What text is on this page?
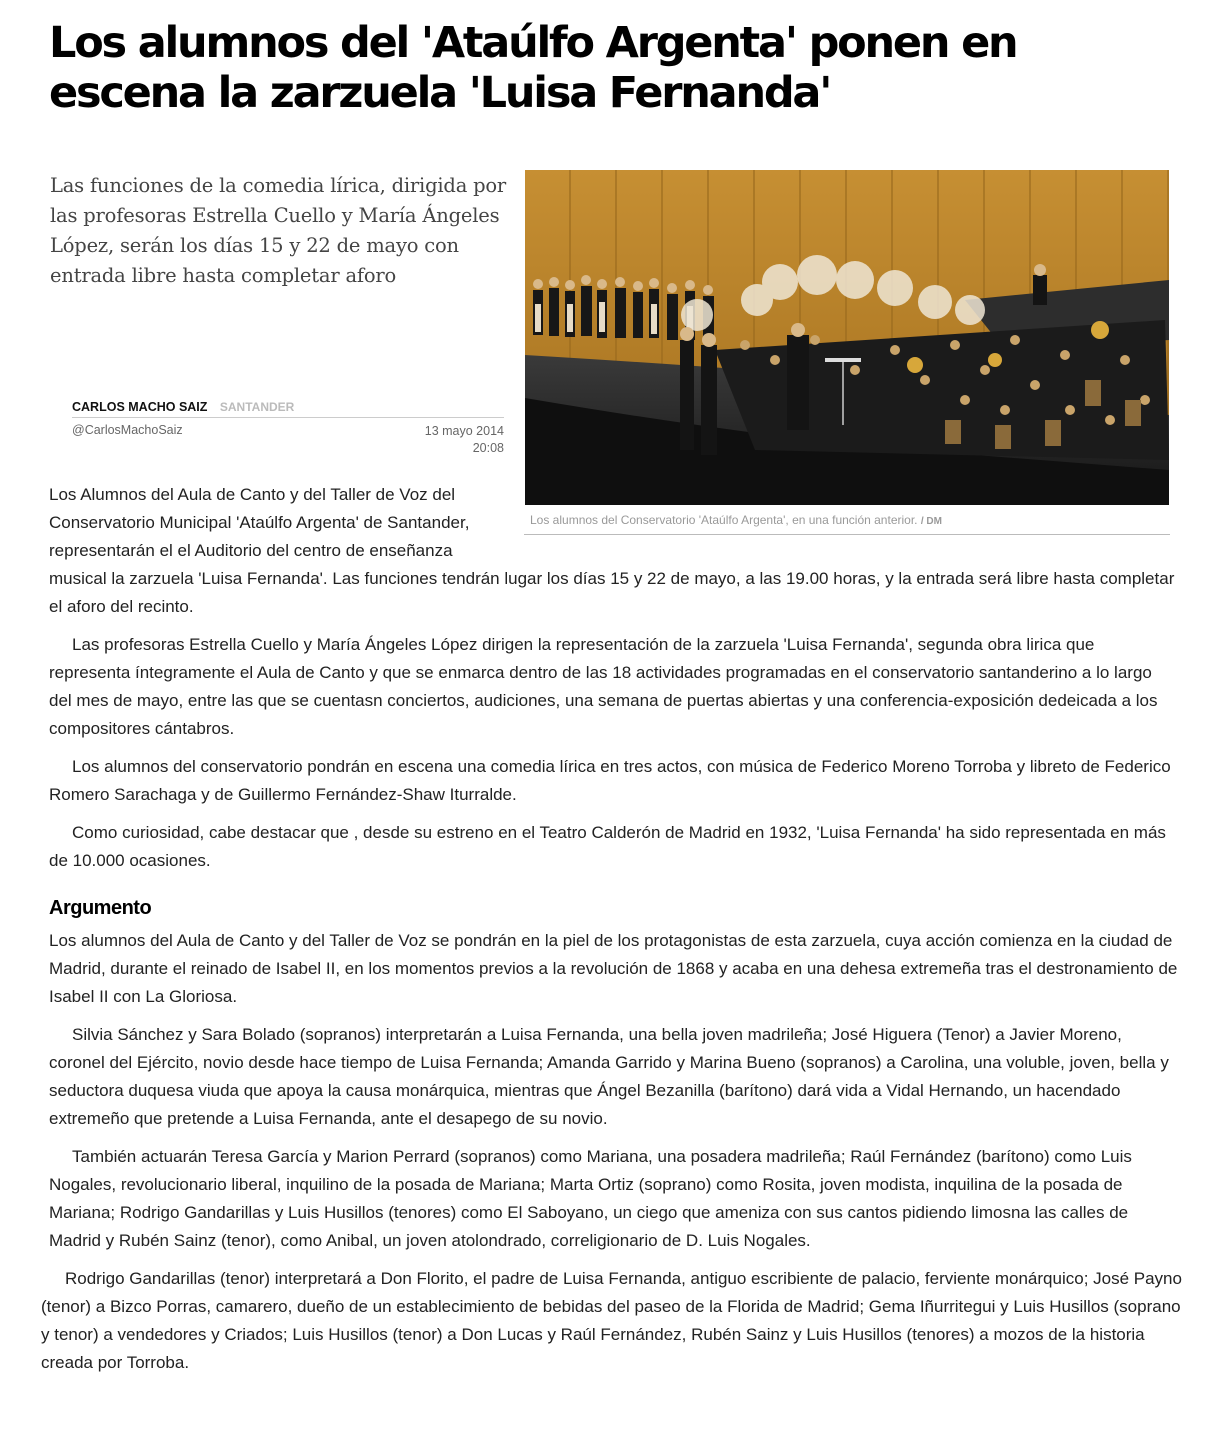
Los alumnos del 'Ataúlfo Argenta' ponen en escena la zarzuela 'Luisa Fernanda'

Las funciones de la comedia lírica, dirigida por las profesoras Estrella Cuello y María Ángeles López, serán los días 15 y 22 de mayo con entrada libre hasta completar aforo

Los alumnos del Conservatorio 'Ataúlfo Argenta', en una función anterior. / DM
CARLOS MACHO SAIZ SANTANDER
@CarlosMachoSaiz	13 mayo 2014
20:08

Los Alumnos del Aula de Canto y del Taller de Voz del Conservatorio Municipal 'Ataúlfo Argenta' de Santander, representarán el el Auditorio del centro de enseñanza musical la zarzuela 'Luisa Fernanda'. Las funciones tendrán lugar los días 15 y 22 de mayo, a las 19.00 horas, y la entrada será libre hasta completar el aforo del recinto.

Las profesoras Estrella Cuello y María Ángeles López dirigen la representación de la zarzuela 'Luisa Fernanda', segunda obra lirica que representa íntegramente el Aula de Canto y que se enmarca dentro de las 18 actividades programadas en el conservatorio santanderino a lo largo del mes de mayo, entre las que se cuentasn conciertos, audiciones, una semana de puertas abiertas y una conferencia-exposición dedeicada a los compositores cántabros.

Los alumnos del conservatorio pondrán en escena una comedia lírica en tres actos, con música de Federico Moreno Torroba y libreto de Federico Romero Sarachaga y de Guillermo Fernández-Shaw Iturralde.

Como curiosidad, cabe destacar que , desde su estreno en el Teatro Calderón de Madrid en 1932, 'Luisa Fernanda' ha sido representada en más de 10.000 ocasiones.

Argumento

Los alumnos del Aula de Canto y del Taller de Voz se pondrán en la piel de los protagonistas de esta zarzuela, cuya acción comienza en la ciudad de Madrid, durante el reinado de Isabel II, en los momentos previos a la revolución de 1868 y acaba en una dehesa extremeña tras el destronamiento de Isabel II con La Gloriosa.

Silvia Sánchez y Sara Bolado (sopranos) interpretarán a Luisa Fernanda, una bella joven madrileña; José Higuera (Tenor) a Javier Moreno, coronel del Ejército, novio desde hace tiempo de Luisa Fernanda; Amanda Garrido y Marina Bueno (sopranos) a Carolina, una voluble, joven, bella y seductora duquesa viuda que apoya la causa monárquica, mientras que Ángel Bezanilla (barítono) dará vida a Vidal Hernando, un hacendado extremeño que pretende a Luisa Fernanda, ante el desapego de su novio.

También actuarán Teresa García y Marion Perrard (sopranos) como Mariana, una posadera madrileña; Raúl Fernández (barítono) como Luis Nogales, revolucionario liberal, inquilino de la posada de Mariana; Marta Ortiz (soprano) como Rosita, joven modista, inquilina de la posada de Mariana; Rodrigo Gandarillas y Luis Husillos (tenores) como El Saboyano, un ciego que ameniza con sus cantos pidiendo limosna las calles de Madrid y Rubén Sainz (tenor), como Anibal, un joven atolondrado, correligionario de D. Luis Nogales.

Rodrigo Gandarillas (tenor) interpretará a Don Florito, el padre de Luisa Fernanda, antiguo escribiente de palacio, ferviente monárquico; José Payno (tenor) a Bizco Porras, camarero, dueño de un establecimiento de bebidas del paseo de la Florida de Madrid; Gema Iñurritegui y Luis Husillos (soprano y tenor) a vendedores y Criados; Luis Husillos (tenor) a Don Lucas y Raúl Fernández, Rubén Sainz y Luis Husillos (tenores) a mozos de la historia creada por Torroba.
